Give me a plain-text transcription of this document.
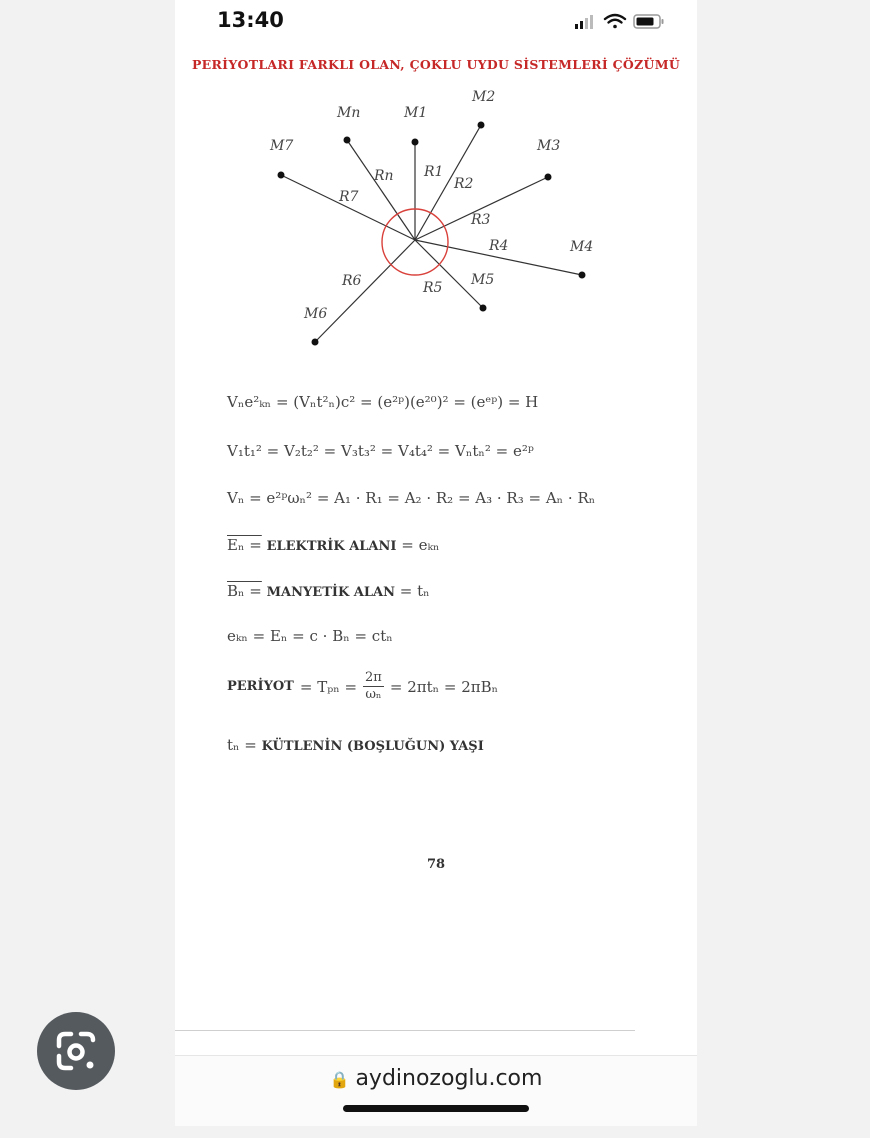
13:40
PERİYOTLARI FARKLI OLAN, ÇOKLU UYDU SİSTEMLERİ ÇÖZÜMÜ
Mn	M1
M2
M3
M4
M5
M6
M7
Rn R1
R2
R3
R4
R5
R6
R7
Vₙe²ₖₙ = (Vₙt²ₙ)c² = (e²ᵖ)(e²⁰)² = (eᵉᵖ) = H
V₁t₁² = V₂t₂² = V₃t₃² = V₄t₄² = Vₙtₙ² = e²ᵖ
Vₙ = e²ᵖωₙ² = A₁ · R₁ = A₂ · R₂ = A₃ · R₃ = Aₙ · Rₙ
Eₙ = ELEKTRİK ALANI = eₖₙ
Bₙ = MANYETİK ALAN = tₙ
eₖₙ = Eₙ = c · Bₙ = ctₙ
PERİYOT = $T_{pn} = \frac{2\pi}{\text{ωₙ}} = 2\pi t_n = 2\pi B_n$
tₙ = KÜTLENİN (BOŞLUĞUN) YAŞI
78
🔒 aydinozoglu.com
